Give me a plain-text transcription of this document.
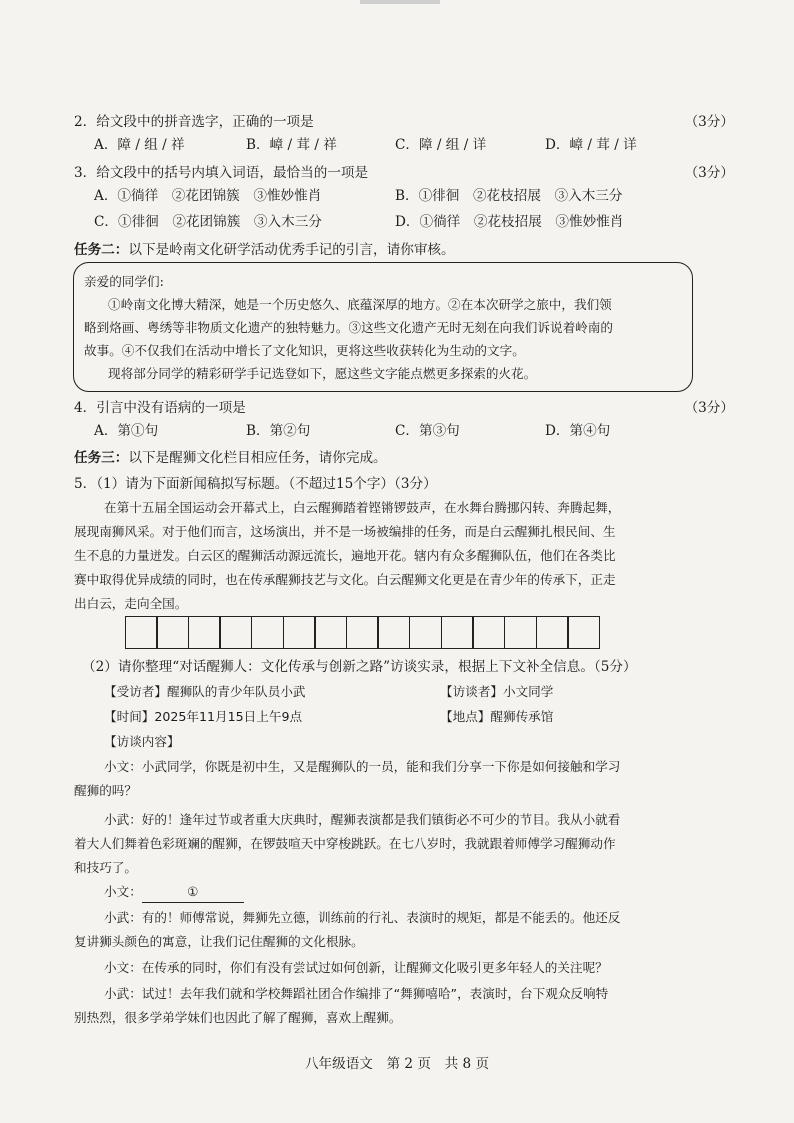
2．给文段中的拼音选字，正确的一项是	（3分）
A．障 / 组 / 祥	B．嶂 / 茸 / 祥	C．障 / 组 / 详	D．嶂 / 茸 / 详
3．给文段中的括号内填入词语，最恰当的一项是	（3分）
A．①徜徉　②花团锦簇　③惟妙惟肖	B．①徘徊　②花枝招展　③入木三分
C．①徘徊　②花团锦簇　③入木三分	D．①徜徉　②花枝招展　③惟妙惟肖
任务二：以下是岭南文化研学活动优秀手记的引言，请你审核。
亲爱的同学们:
①岭南文化博大精深，她是一个历史悠久、底蕴深厚的地方。②在本次研学之旅中，我们领
略到烙画、粤绣等非物质文化遗产的独特魅力。③这些文化遗产无时无刻在向我们诉说着岭南的
故事。④不仅我们在活动中增长了文化知识，更将这些收获转化为生动的文字。
现将部分同学的精彩研学手记选登如下，愿这些文字能点燃更多探索的火花。
4．引言中没有语病的一项是	（3分）
A．第①句	B．第②句	C．第③句	D．第④句
任务三：以下是醒狮文化栏目相应任务，请你完成。
5．（1）请为下面新闻稿拟写标题。（不超过15个字）（3分）
在第十五届全国运动会开幕式上，白云醒狮踏着铿锵锣鼓声，在水舞台腾挪闪转、奔腾起舞，
展现南狮风采。对于他们而言，这场演出，并不是一场被编排的任务，而是白云醒狮扎根民间、生
生不息的力量迸发。白云区的醒狮活动源远流长，遍地开花。辖内有众多醒狮队伍，他们在各类比
赛中取得优异成绩的同时，也在传承醒狮技艺与文化。白云醒狮文化更是在青少年的传承下，正走
出白云，走向全国。
（2）请你整理“对话醒狮人：文化传承与创新之路”访谈实录，根据上下文补全信息。（5分）
【受访者】醒狮队的青少年队员小武	【访谈者】小文同学
【时间】2025年11月15日上午9点	【地点】醒狮传承馆
【访谈内容】
小文：小武同学，你既是初中生，又是醒狮队的一员，能和我们分享一下你是如何接触和学习
醒狮的吗？
小武：好的！逢年过节或者重大庆典时，醒狮表演都是我们镇街必不可少的节目。我从小就看
着大人们舞着色彩斑斓的醒狮，在锣鼓喧天中穿梭跳跃。在七八岁时，我就跟着师傅学习醒狮动作
和技巧了。
小文：	①
小武：有的！师傅常说，舞狮先立德，训练前的行礼、表演时的规矩，都是不能丢的。他还反
复讲狮头颜色的寓意，让我们记住醒狮的文化根脉。
小文：在传承的同时，你们有没有尝试过如何创新，让醒狮文化吸引更多年轻人的关注呢？
小武：试过！去年我们就和学校舞蹈社团合作编排了“舞狮嘻哈”，表演时，台下观众反响特
别热烈，很多学弟学妹们也因此了解了醒狮，喜欢上醒狮。
八年级语文　第 2 页　共 8 页
